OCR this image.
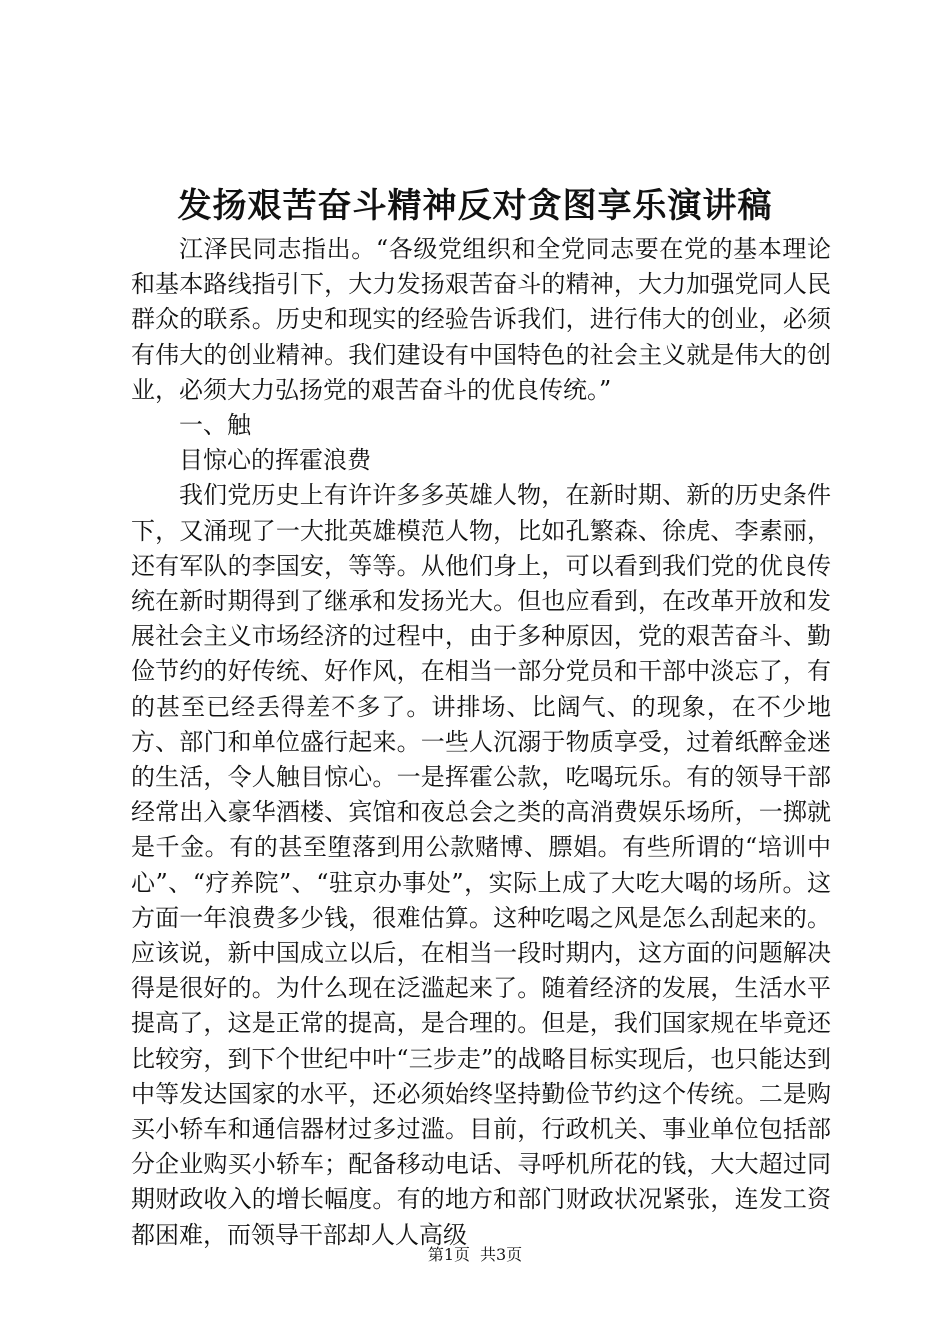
发扬艰苦奋斗精神反对贪图享乐演讲稿

江泽民同志指出。“各级党组织和全党同志要在党的基本理论和基本路线指引下，大力发扬艰苦奋斗的精神，大力加强党同人民群众的联系。历史和现实的经验告诉我们，进行伟大的创业，必须有伟大的创业精神。我们建设有中国特色的社会主义就是伟大的创业，必须大力弘扬党的艰苦奋斗的优良传统。”

一、触

目惊心的挥霍浪费

我们党历史上有许许多多英雄人物，在新时期、新的历史条件下，又涌现了一大批英雄模范人物，比如孔繁森、徐虎、李素丽，还有军队的李国安，等等。从他们身上，可以看到我们党的优良传统在新时期得到了继承和发扬光大。但也应看到，在改革开放和发展社会主义市场经济的过程中，由于多种原因，党的艰苦奋斗、勤俭节约的好传统、好作风，在相当一部分党员和干部中淡忘了，有的甚至已经丢得差不多了。讲排场、比阔气、的现象，在不少地方、部门和单位盛行起来。一些人沉溺于物质享受，过着纸醉金迷的生活，令人触目惊心。一是挥霍公款，吃喝玩乐。有的领导干部经常出入豪华酒楼、宾馆和夜总会之类的高消费娱乐场所，一掷就是千金。有的甚至堕落到用公款赌博、膘娼。有些所谓的“培训中心”、“疗养院”、“驻京办事处”，实际上成了大吃大喝的场所。这方面一年浪费多少钱，很难估算。这种吃喝之风是怎么刮起来的。应该说，新中国成立以后，在相当一段时期内，这方面的问题解决得是很好的。为什么现在泛滥起来了。随着经济的发展，生活水平提高了，这是正常的提高，是合理的。但是，我们国家规在毕竟还比较穷，到下个世纪中叶“三步走”的战略目标实现后，也只能达到中等发达国家的水平，还必须始终坚持勤俭节约这个传统。二是购买小轿车和通信器材过多过滥。目前，行政机关、事业单位包括部分企业购买小轿车；配备移动电话、寻呼机所花的钱，大大超过同期财政收入的增长幅度。有的地方和部门财政状况紧张，连发工资都困难，而领导干部却人人高级

第1页 共3页
